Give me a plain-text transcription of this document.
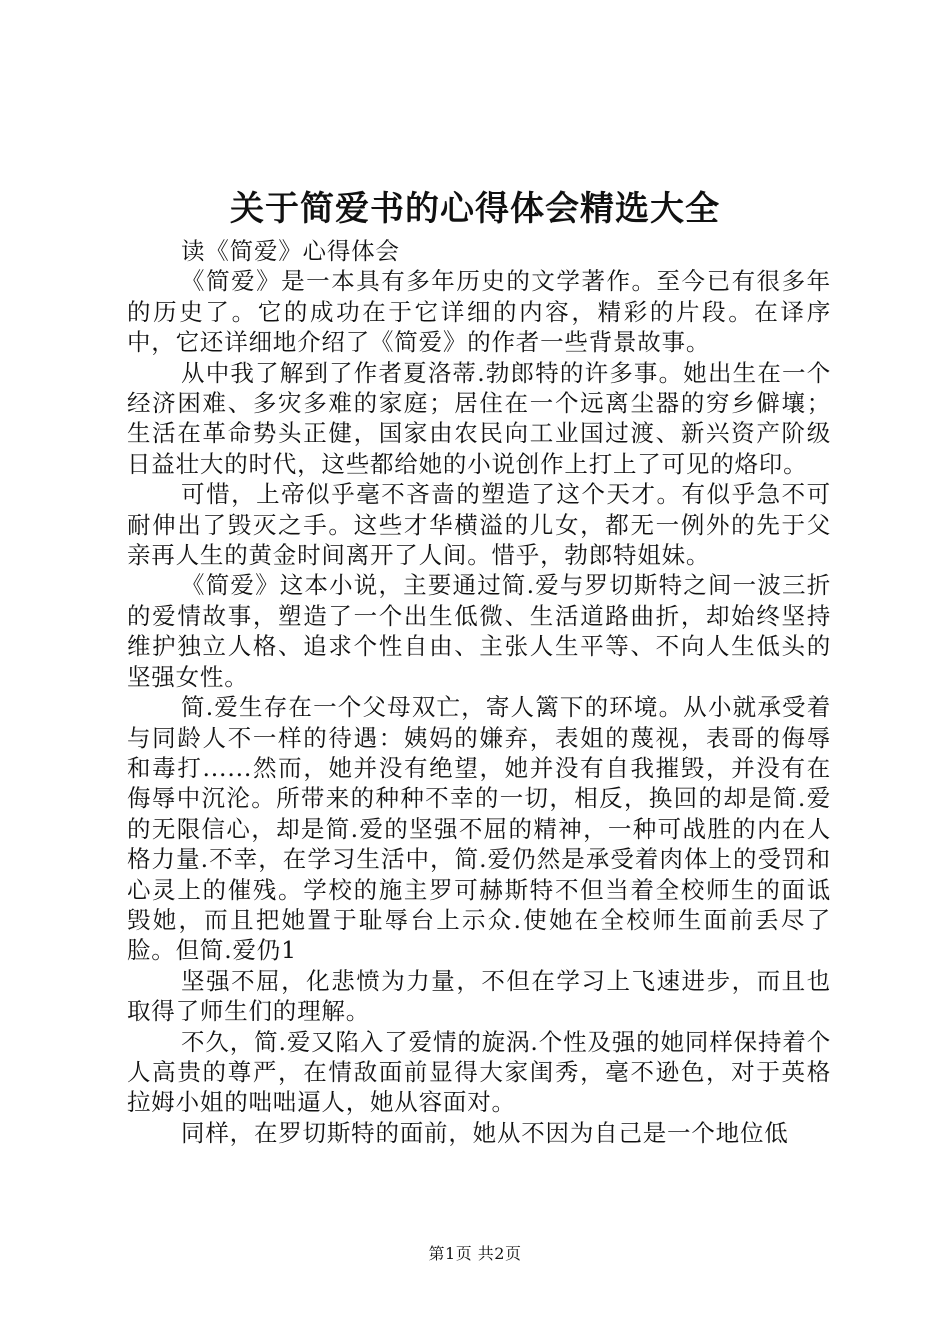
关于简爱书的心得体会精选大全

读《简爱》心得体会

《简爱》是一本具有多年历史的文学著作。至今已有很多年的历史了。它的成功在于它详细的内容，精彩的片段。在译序中，它还详细地介绍了《简爱》的作者一些背景故事。

从中我了解到了作者夏洛蒂.勃郎特的许多事。她出生在一个经济困难、多灾多难的家庭；居住在一个远离尘器的穷乡僻壤；生活在革命势头正健，国家由农民向工业国过渡、新兴资产阶级日益壮大的时代，这些都给她的小说创作上打上了可见的烙印。

可惜，上帝似乎毫不吝啬的塑造了这个天才。有似乎急不可耐伸出了毁灭之手。这些才华横溢的儿女，都无一例外的先于父亲再人生的黄金时间离开了人间。惜乎，勃郎特姐妹。

《简爱》这本小说，主要通过简.爱与罗切斯特之间一波三折的爱情故事，塑造了一个出生低微、生活道路曲折，却始终坚持维护独立人格、追求个性自由、主张人生平等、不向人生低头的坚强女性。

简.爱生存在一个父母双亡，寄人篱下的环境。从小就承受着与同龄人不一样的待遇：姨妈的嫌弃，表姐的蔑视，表哥的侮辱和毒打......然而，她并没有绝望，她并没有自我摧毁，并没有在侮辱中沉沦。所带来的种种不幸的一切，相反，换回的却是简.爱的无限信心，却是简.爱的坚强不屈的精神，一种可战胜的内在人格力量.不幸，在学习生活中，简.爱仍然是承受着肉体上的受罚和心灵上的催残。学校的施主罗可赫斯特不但当着全校师生的面诋毁她，而且把她置于耻辱台上示众.使她在全校师生面前丢尽了脸。但简.爱仍1

坚强不屈，化悲愤为力量，不但在学习上飞速进步，而且也取得了师生们的理解。

不久，简.爱又陷入了爱情的旋涡.个性及强的她同样保持着个人高贵的尊严，在情敌面前显得大家闺秀，毫不逊色，对于英格拉姆小姐的咄咄逼人，她从容面对。

同样，在罗切斯特的面前，她从不因为自己是一个地位低

第1页 共2页
